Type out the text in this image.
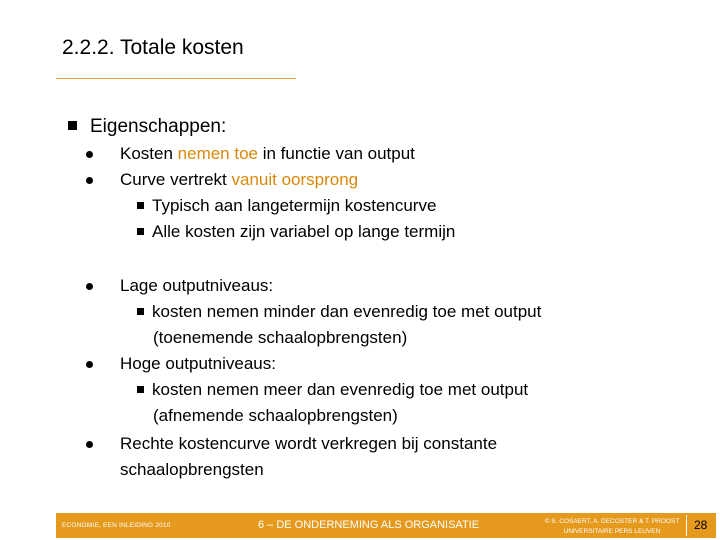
2.2.2. Totale kosten
Eigenschappen:
Kosten nemen toe in functie van output
Curve vertrekt vanuit oorsprong
Typisch aan langetermijn kostencurve
Alle kosten zijn variabel op lange termijn
Lage outputniveaus:
kosten nemen minder dan evenredig toe met output
(toenemende schaalopbrengsten)
Hoge outputniveaus:
kosten nemen meer dan evenredig toe met output
(afnemende schaalopbrengsten)
Rechte kostencurve wordt verkregen bij constante
schaalopbrengsten
ECONOMIE, EEN INLEIDING 2010	6 – DE ONDERNEMING ALS ORGANISATIE	© S. COSAERT, A. DECOSTER & T. PROOST
UNIVERSITAIRE PERS LEUVEN	28
